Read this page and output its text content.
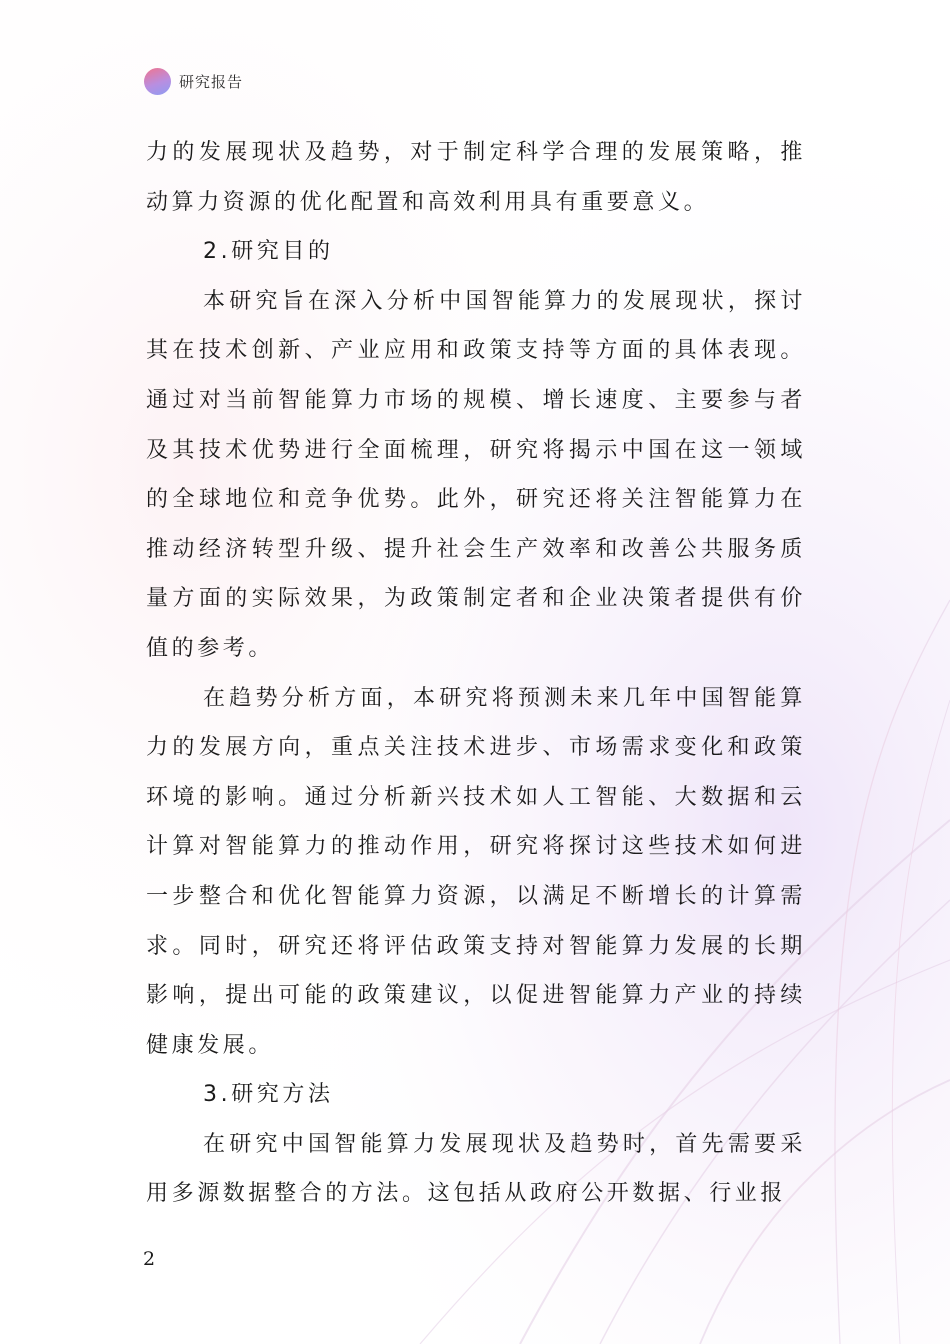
研究报告

力的发展现状及趋势，对于制定科学合理的发展策略，推动算力资源的优化配置和高效利用具有重要意义。

2.研究目的

本研究旨在深入分析中国智能算力的发展现状，探讨其在技术创新、产业应用和政策支持等方面的具体表现。通过对当前智能算力市场的规模、增长速度、主要参与者及其技术优势进行全面梳理，研究将揭示中国在这一领域的全球地位和竞争优势。此外，研究还将关注智能算力在推动经济转型升级、提升社会生产效率和改善公共服务质量方面的实际效果，为政策制定者和企业决策者提供有价值的参考。

在趋势分析方面，本研究将预测未来几年中国智能算力的发展方向，重点关注技术进步、市场需求变化和政策环境的影响。通过分析新兴技术如人工智能、大数据和云计算对智能算力的推动作用，研究将探讨这些技术如何进一步整合和优化智能算力资源，以满足不断增长的计算需求。同时，研究还将评估政策支持对智能算力发展的长期影响，提出可能的政策建议，以促进智能算力产业的持续健康发展。

3.研究方法

在研究中国智能算力发展现状及趋势时，首先需要采用多源数据整合的方法。这包括从政府公开数据、行业报

2
